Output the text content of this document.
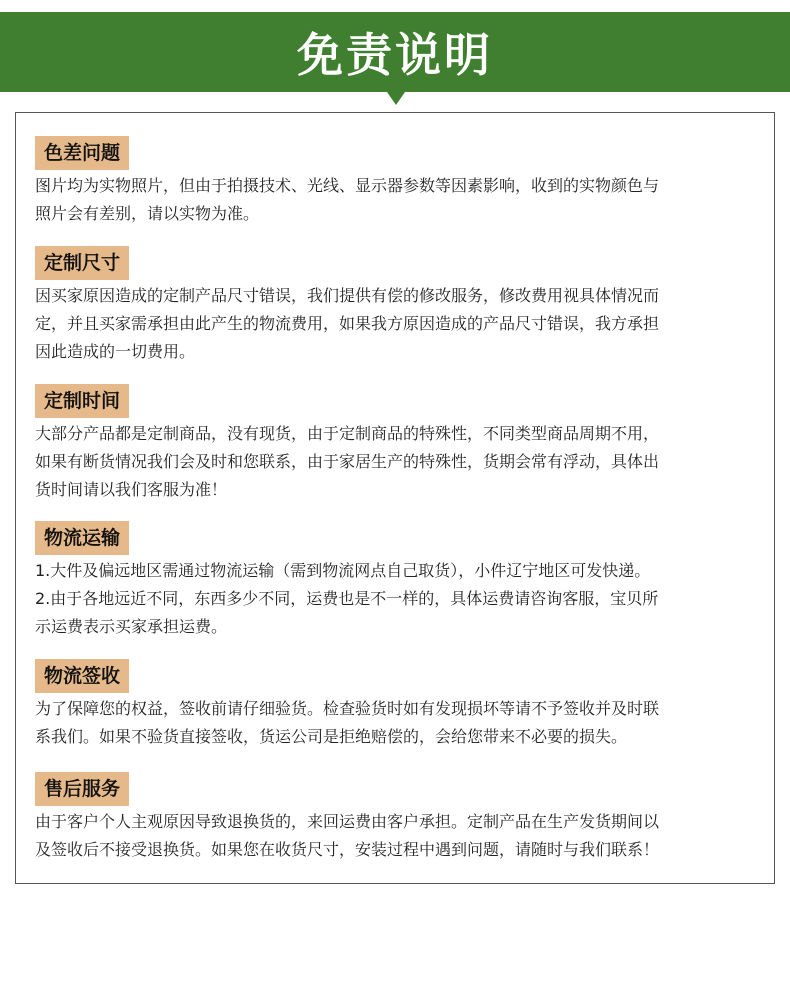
免责说明
色差问题
图片均为实物照片，但由于拍摄技术、光线、显示器参数等因素影响，收到的实物颜色与
照片会有差别，请以实物为准。
定制尺寸
因买家原因造成的定制产品尺寸错误，我们提供有偿的修改服务，修改费用视具体情况而
定，并且买家需承担由此产生的物流费用，如果我方原因造成的产品尺寸错误，我方承担
因此造成的一切费用。
定制时间
大部分产品都是定制商品，没有现货，由于定制商品的特殊性，不同类型商品周期不用，
如果有断货情况我们会及时和您联系，由于家居生产的特殊性，货期会常有浮动，具体出
货时间请以我们客服为准！
物流运输
1.大件及偏远地区需通过物流运输（需到物流网点自己取货），小件辽宁地区可发快递。
2.由于各地远近不同，东西多少不同，运费也是不一样的，具体运费请咨询客服，宝贝所
示运费表示买家承担运费。
物流签收
为了保障您的权益，签收前请仔细验货。检查验货时如有发现损坏等请不予签收并及时联
系我们。如果不验货直接签收，货运公司是拒绝赔偿的，会给您带来不必要的损失。
售后服务
由于客户个人主观原因导致退换货的，来回运费由客户承担。定制产品在生产发货期间以
及签收后不接受退换货。如果您在收货尺寸，安装过程中遇到问题，请随时与我们联系！
